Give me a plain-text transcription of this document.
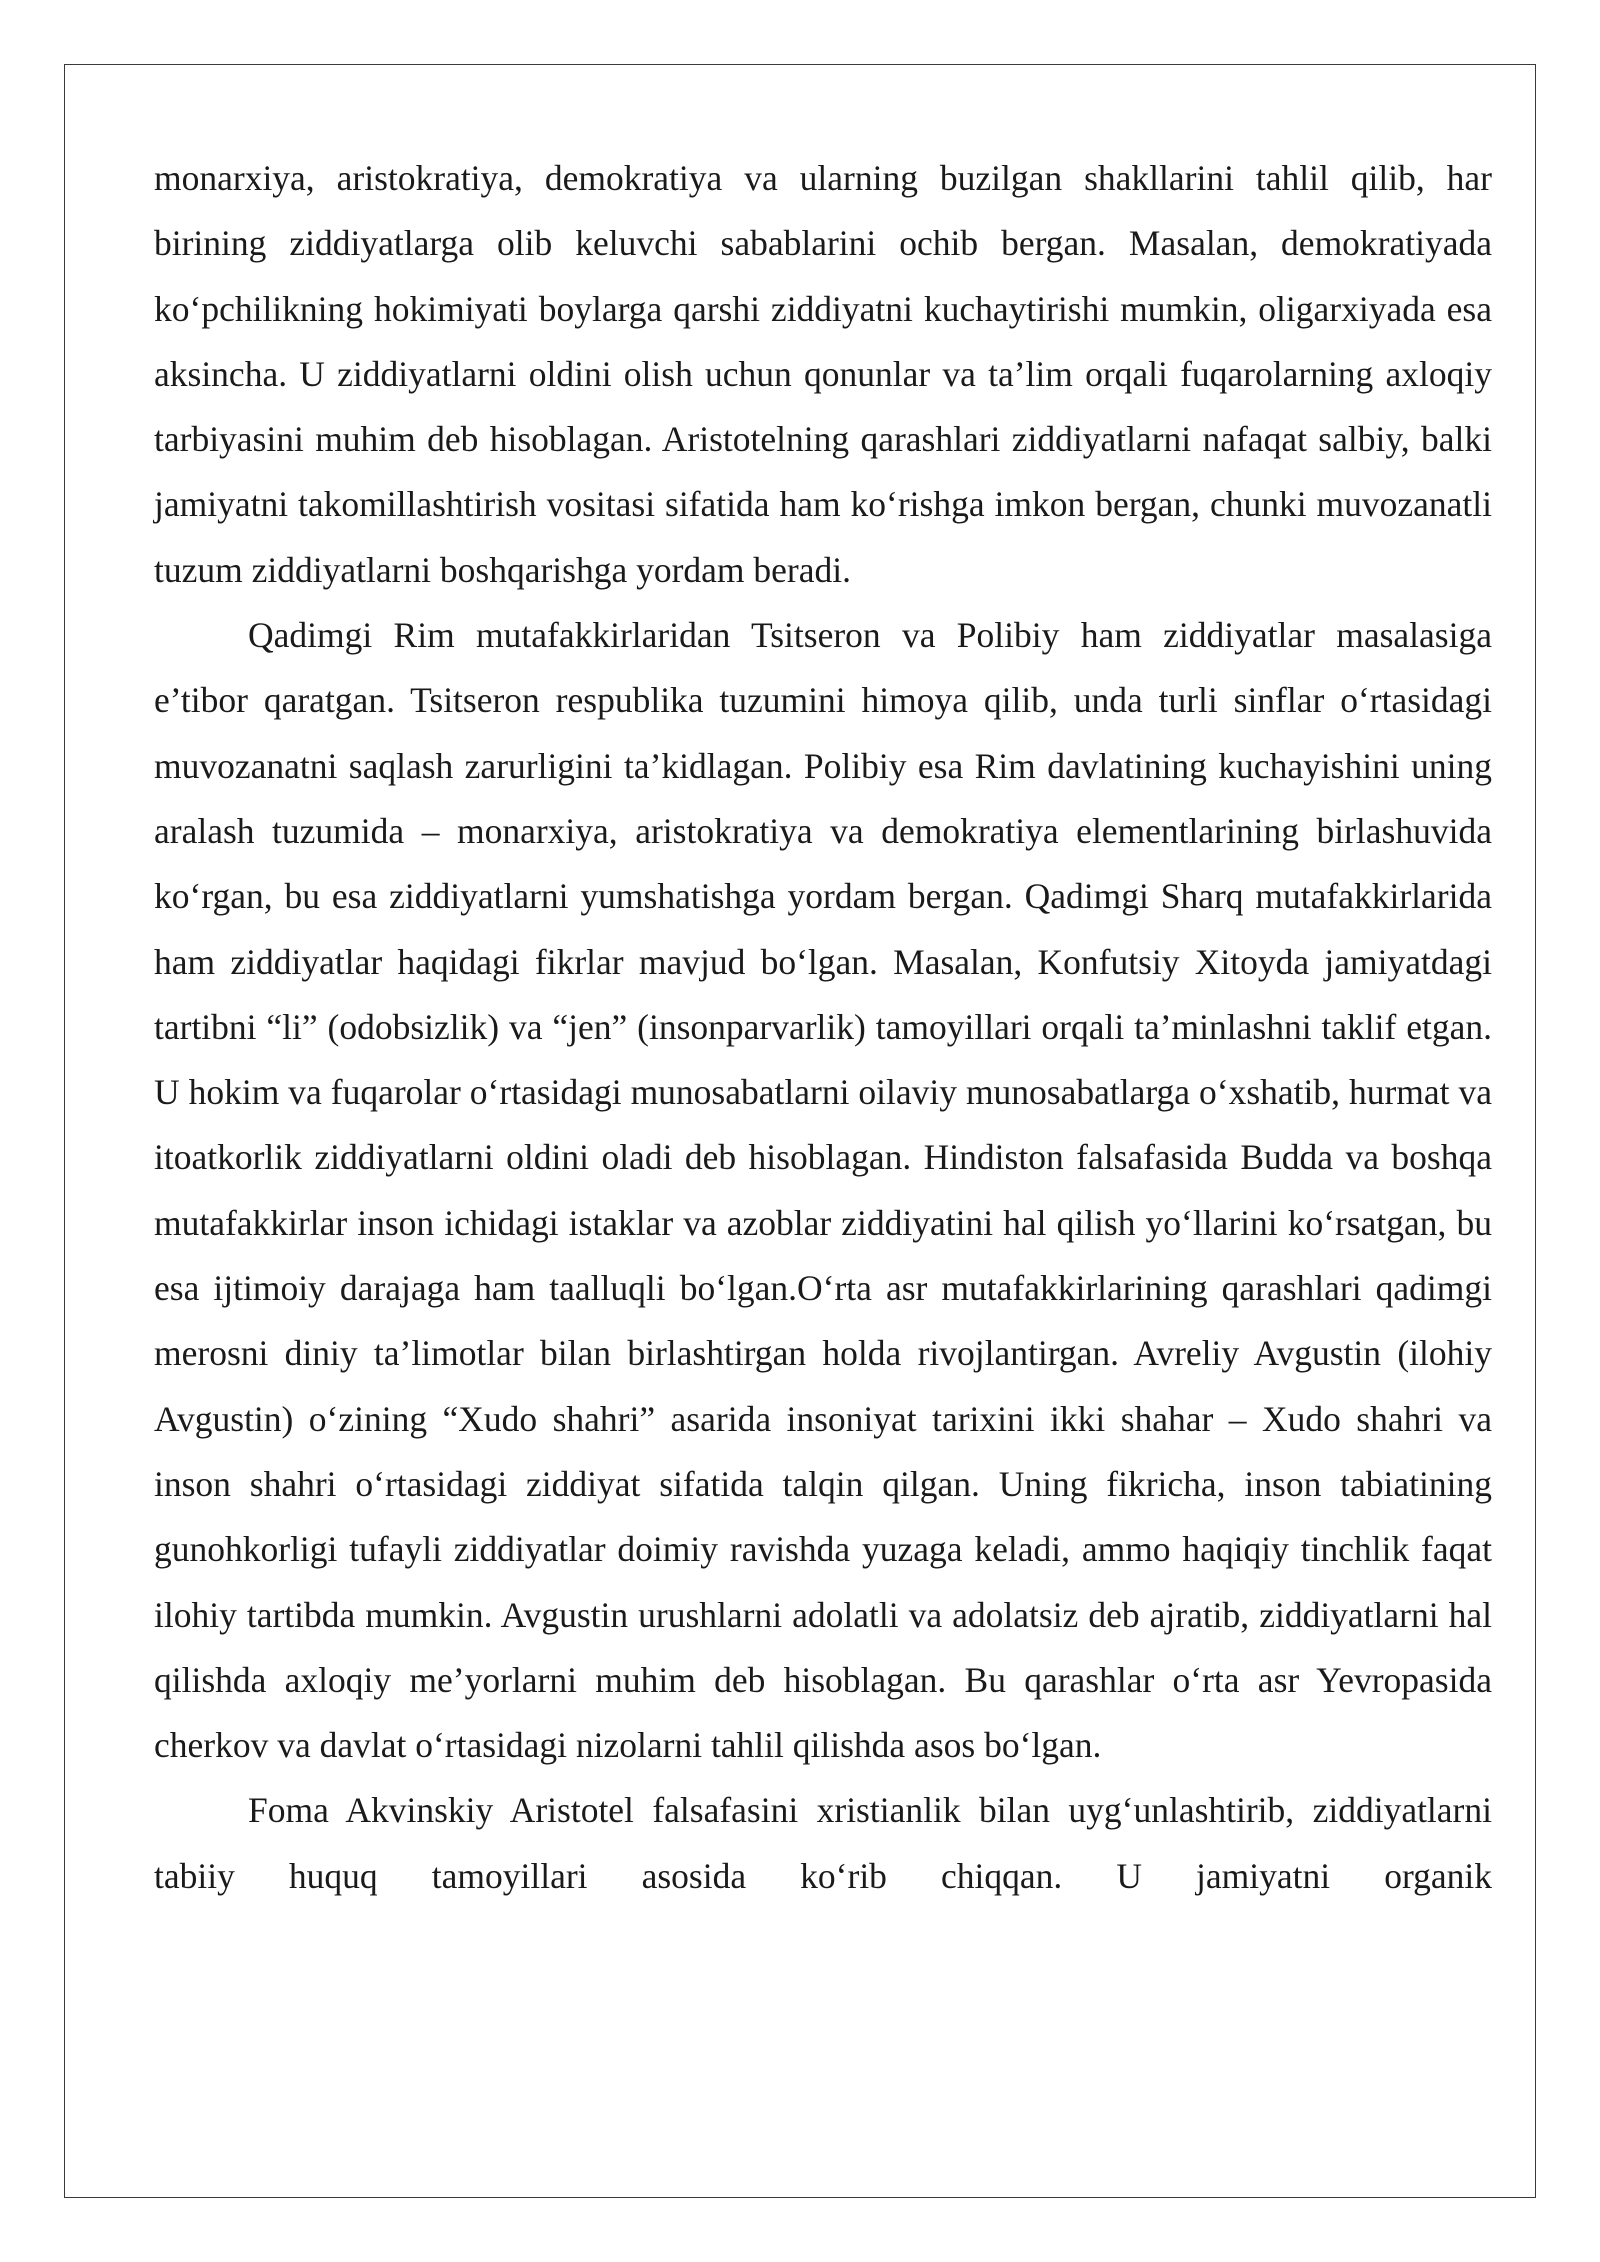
monarxiya, aristokratiya, demokratiya va ularning buzilgan shakllarini tahlil qilib, har birining ziddiyatlarga olib keluvchi sabablarini ochib bergan. Masalan, demokratiyada ko‘pchilikning hokimiyati boylarga qarshi ziddiyatni kuchaytirishi mumkin, oligarxiyada esa aksincha. U ziddiyatlarni oldini olish uchun qonunlar va ta’lim orqali fuqarolarning axloqiy tarbiyasini muhim deb hisoblagan. Aristotelning qarashlari ziddiyatlarni nafaqat salbiy, balki jamiyatni takomillashtirish vositasi sifatida ham ko‘rishga imkon bergan, chunki muvozanatli tuzum ziddiyatlarni boshqarishga yordam beradi.

Qadimgi Rim mutafakkirlaridan Tsitseron va Polibiy ham ziddiyatlar masalasiga e’tibor qaratgan. Tsitseron respublika tuzumini himoya qilib, unda turli sinflar o‘rtasidagi muvozanatni saqlash zarurligini ta’kidlagan. Polibiy esa Rim davlatining kuchayishini uning aralash tuzumida – monarxiya, aristokratiya va demokratiya elementlarining birlashuvida ko‘rgan, bu esa ziddiyatlarni yumshatishga yordam bergan. Qadimgi Sharq mutafakkirlarida ham ziddiyatlar haqidagi fikrlar mavjud bo‘lgan. Masalan, Konfutsiy Xitoyda jamiyatdagi tartibni “li” (odobsizlik) va “jen” (insonparvarlik) tamoyillari orqali ta’minlashni taklif etgan. U hokim va fuqarolar o‘rtasidagi munosabatlarni oilaviy munosabatlarga o‘xshatib, hurmat va itoatkorlik ziddiyatlarni oldini oladi deb hisoblagan. Hindiston falsafasida Budda va boshqa mutafakkirlar inson ichidagi istaklar va azoblar ziddiyatini hal qilish yo‘llarini ko‘rsatgan, bu esa ijtimoiy darajaga ham taalluqli bo‘lgan.O‘rta asr mutafakkirlarining qarashlari qadimgi merosni diniy ta’limotlar bilan birlashtirgan holda rivojlantirgan. Avreliy Avgustin (ilohiy Avgustin) o‘zining “Xudo shahri” asarida insoniyat tarixini ikki shahar – Xudo shahri va inson shahri o‘rtasidagi ziddiyat sifatida talqin qilgan. Uning fikricha, inson tabiatining gunohkorligi tufayli ziddiyatlar doimiy ravishda yuzaga keladi, ammo haqiqiy tinchlik faqat ilohiy tartibda mumkin. Avgustin urushlarni adolatli va adolatsiz deb ajratib, ziddiyatlarni hal qilishda axloqiy me’yorlarni muhim deb hisoblagan. Bu qarashlar o‘rta asr Yevropasida cherkov va davlat o‘rtasidagi nizolarni tahlil qilishda asos bo‘lgan.

Foma Akvinskiy Aristotel falsafasini xristianlik bilan uyg‘unlashtirib, ziddiyatlarni tabiiy huquq tamoyillari asosida ko‘rib chiqqan. U jamiyatni organik
